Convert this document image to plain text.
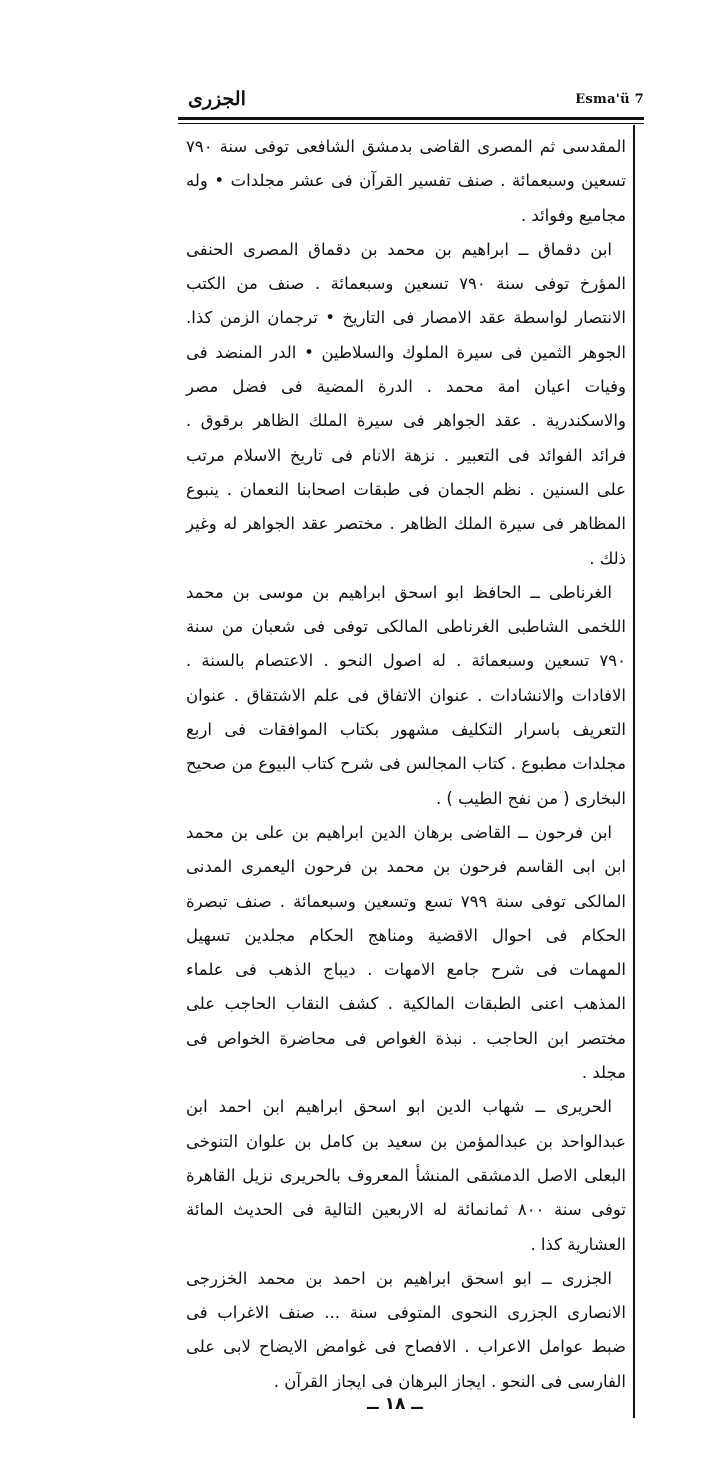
الجزرى	Esma'ü 7

المقدسى ثم المصرى القاضى بدمشق الشافعى توفى سنة ٧٩٠ تسعين وسبعمائة . صنف تفسير القرآن فى عشر مجلدات • وله مجاميع وفوائد .

ابن دقماق ــ ابراهيم بن محمد بن دقماق المصرى الحنفى المؤرخ توفى سنة ٧٩٠ تسعين وسبعمائة . صنف من الكتب الانتصار لواسطة عقد الامصار فى التاريخ • ترجمان الزمن كذا. الجوهر الثمين فى سيرة الملوك والسلاطين • الدر المنضد فى وفيات اعيان امة محمد . الدرة المضية فى فضل مصر والاسكندرية . عقد الجواهر فى سيرة الملك الظاهر برقوق . فرائد الفوائد فى التعبير . نزهة الانام فى تاريخ الاسلام مرتب على السنين . نظم الجمان فى طبقات اصحابنا النعمان . ينبوع المظاهر فى سيرة الملك الظاهر . مختصر عقد الجواهر له وغير ذلك .

الغرناطى ــ الحافظ ابو اسحق ابراهيم بن موسى بن محمد اللخمى الشاطبى الغرناطى المالكى توفى فى شعبان من سنة ٧٩٠ تسعين وسبعمائة . له اصول النحو . الاعتصام بالسنة . الافادات والانشادات . عنوان الاتفاق فى علم الاشتقاق . عنوان التعريف باسرار التكليف مشهور بكتاب الموافقات فى اربع مجلدات مطبوع . كتاب المجالس فى شرح كتاب البيوع من صحيح البخارى ( من نفح الطيب ) .

ابن فرحون ــ القاضى برهان الدين ابراهيم بن على بن محمد ابن ابى القاسم فرحون بن محمد بن فرحون اليعمرى المدنى المالكى توفى سنة ٧٩٩ تسع وتسعين وسبعمائة . صنف تبصرة الحكام فى احوال الاقضية ومناهج الحكام مجلدين تسهيل المهمات فى شرح جامع الامهات . ديباج الذهب فى علماء المذهب اعنى الطبقات المالكية . كشف النقاب الحاجب على مختصر ابن الحاجب . نبذة الغواص فى محاضرة الخواص فى مجلد .

الحريرى ــ شهاب الدين ابو اسحق ابراهيم ابن احمد ابن عبدالواحد بن عبدالمؤمن بن سعيد بن كامل بن علوان التنوخى البعلى الاصل الدمشقى المنشأ المعروف بالحريرى نزيل القاهرة توفى سنة ٨٠٠ ثمانمائة له الاربعين التالية فى الحديث المائة العشارية كذا .

الجزرى ــ ابو اسحق ابراهيم بن احمد بن محمد الخزرجى الانصارى الجزرى النحوى المتوفى سنة ... صنف الاغراب فى ضبط عوامل الاعراب . الافصاح فى غوامض الايضاح لابى على الفارسى فى النحو . ايجاز البرهان فى ايجاز القرآن .

ــ ١٨ ــ
